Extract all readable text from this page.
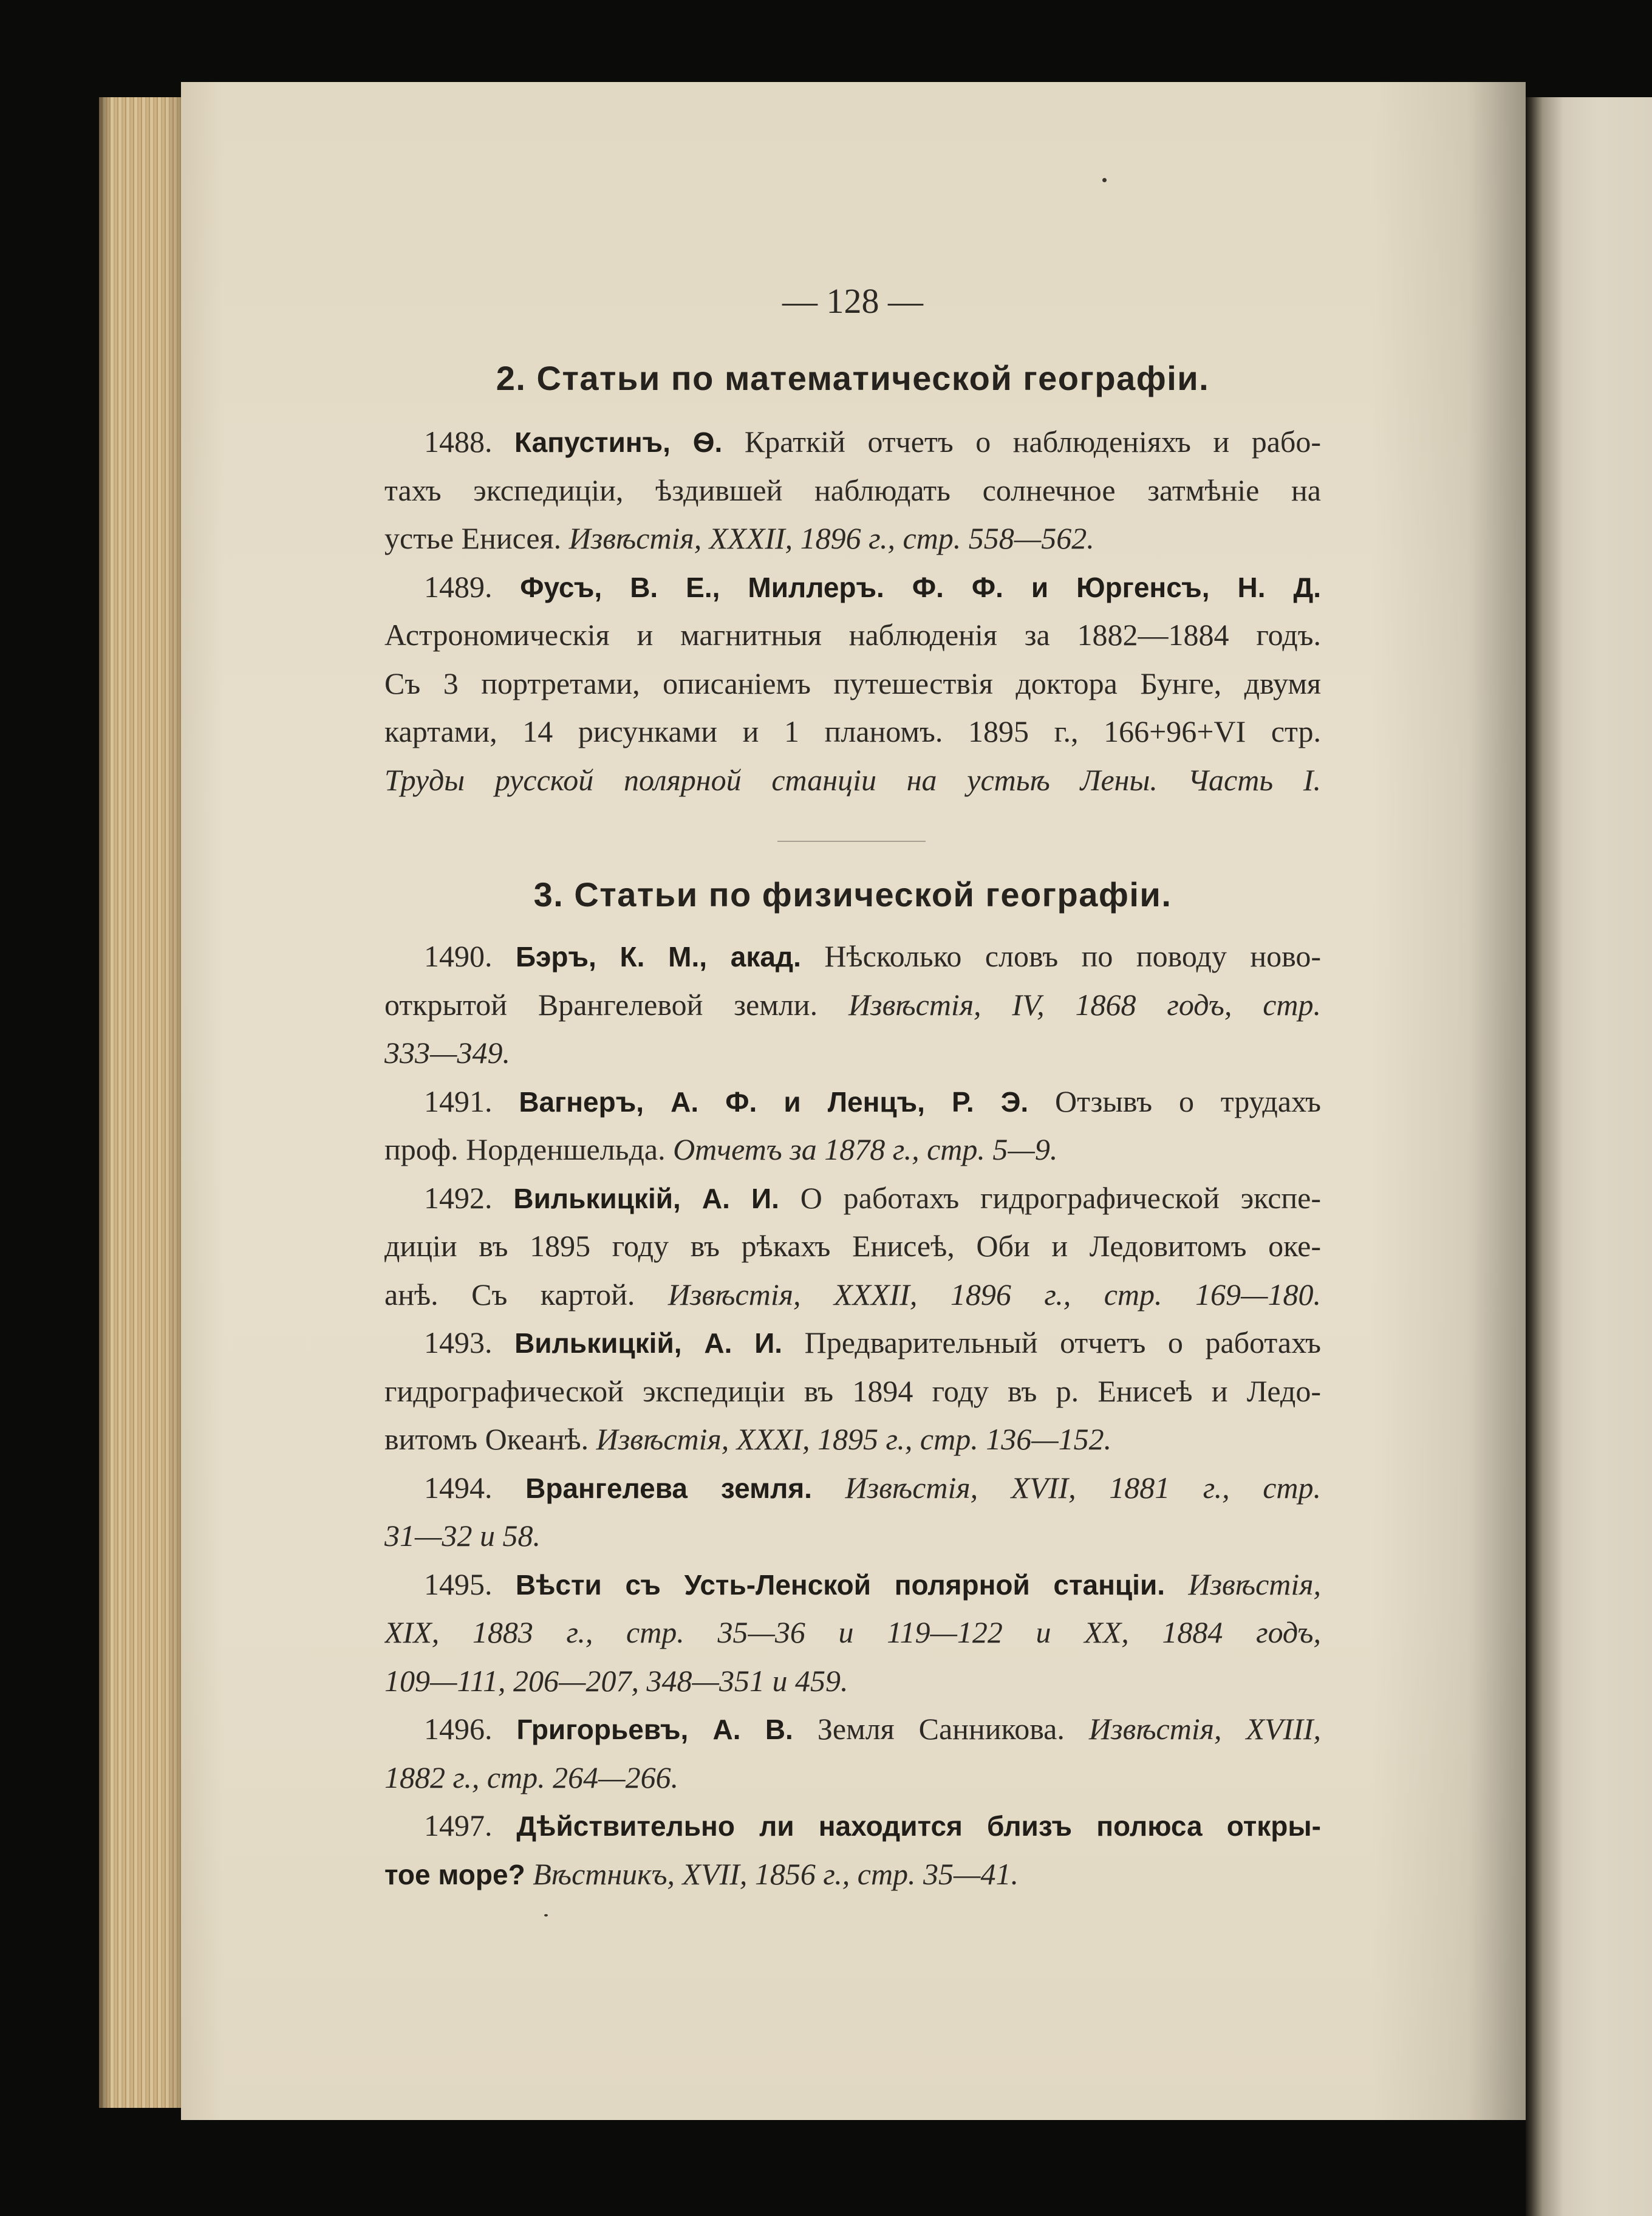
— 128 —
2. Статьи по математической географіи.
1488. Капустинъ, Ѳ. Краткій отчетъ о наблюденіяхъ и рабо-
тахъ экспедиціи, ѣздившей наблюдать солнечное затмѣніе на
устье Енисея. Извѣстія, XXXII, 1896 г., стр. 558—562.
1489. Фусъ, В. Е., Миллеръ. Ф. Ф. и Юргенсъ, Н. Д.
Астрономическія и магнитныя наблюденія за 1882—1884 годъ.
Съ 3 портретами, описаніемъ путешествія доктора Бунге, двумя
картами, 14 рисунками и 1 планомъ. 1895 г., 166+96+VI стр.
Труды русской полярной станціи на устьѣ Лены. Часть I.
3. Статьи по физической географіи.
1490. Бэръ, К. М., акад. Нѣсколько словъ по поводу ново-
открытой Врангелевой земли. Извѣстія, IV, 1868 годъ, стр.
333—349.
1491. Вагнеръ, А. Ф. и Ленцъ, Р. Э. Отзывъ о трудахъ
проф. Норденшельда. Отчетъ за 1878 г., стр. 5—9.
1492. Вилькицкій, А. И. О работахъ гидрографической экспе-
диціи въ 1895 году въ рѣкахъ Енисеѣ, Оби и Ледовитомъ оке-
анѣ. Съ картой. Извѣстія, XXXII, 1896 г., стр. 169—180.
1493. Вилькицкій, А. И. Предварительный отчетъ о работахъ
гидрографической экспедиціи въ 1894 году въ р. Енисеѣ и Ледо-
витомъ Океанѣ. Извѣстія, XXXI, 1895 г., стр. 136—152.
1494. Врангелева земля. Извѣстія, XVII, 1881 г., стр.
31—32 и 58.
1495. Вѣсти съ Усть-Ленской полярной станціи. Извѣстія,
XIX, 1883 г., стр. 35—36 и 119—122 и XX, 1884 годъ,
109—111, 206—207, 348—351 и 459.
1496. Григорьевъ, А. В. Земля Санникова. Извѣстія, XVIII,
1882 г., стр. 264—266.
1497. Дѣйствительно ли находится близъ полюса откры-
тое море? Вѣстникъ, XVII, 1856 г., стр. 35—41.
